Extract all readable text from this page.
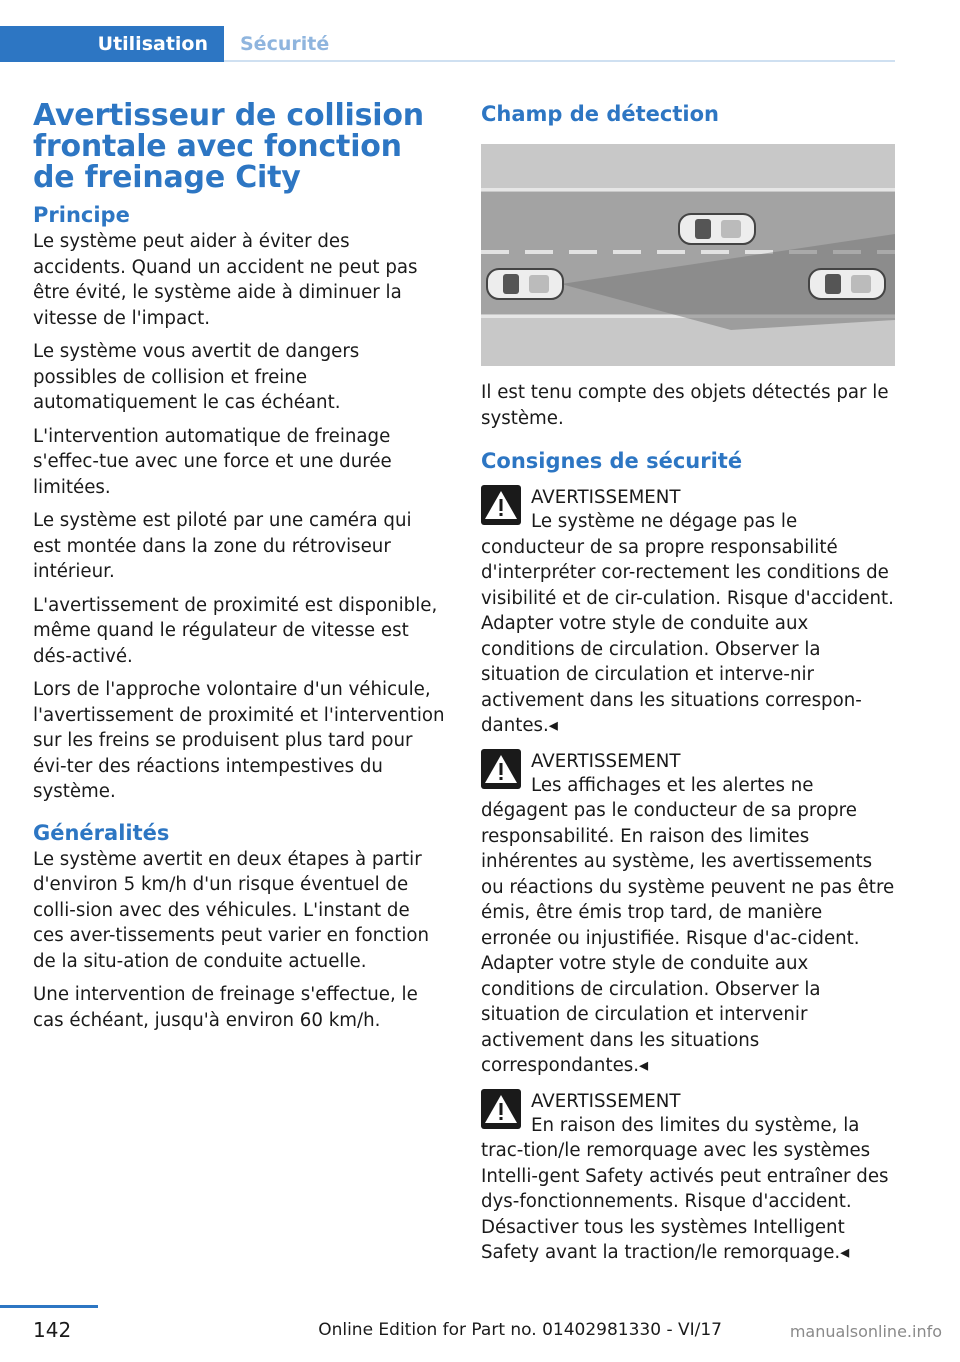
Utilisation	Sécurité
Avertisseur de collision frontale avec fonction de freinage City
Principe

Le système peut aider à éviter des accidents. Quand un accident ne peut pas être évité, le système aide à diminuer la vitesse de l'impact.

Le système vous avertit de dangers possibles de collision et freine automatiquement le cas échéant.

L'intervention automatique de freinage s'effec-tue avec une force et une durée limitées.

Le système est piloté par une caméra qui est montée dans la zone du rétroviseur intérieur.

L'avertissement de proximité est disponible, même quand le régulateur de vitesse est dés-activé.

Lors de l'approche volontaire d'un véhicule, l'avertissement de proximité et l'intervention sur les freins se produisent plus tard pour évi-ter des réactions intempestives du système.

Généralités

Le système avertit en deux étapes à partir d'environ 5 km/h d'un risque éventuel de colli-sion avec des véhicules. L'instant de ces aver-tissements peut varier en fonction de la situ-ation de conduite actuelle.

Une intervention de freinage s'effectue, le cas échéant, jusqu'à environ 60 km/h.

Champ de détection

Il est tenu compte des objets détectés par le système.

Consignes de sécurité
AVERTISSEMENT

Le système ne dégage pas le conducteur de sa propre responsabilité d'interpréter cor-rectement les conditions de visibilité et de cir-culation. Risque d'accident. Adapter votre style de conduite aux conditions de circulation. Observer la situation de circulation et interve-nir activement dans les situations correspon-dantes.◂

AVERTISSEMENT

Les affichages et les alertes ne dégagent pas le conducteur de sa propre responsabilité. En raison des limites inhérentes au système, les avertissements ou réactions du système peuvent ne pas être émis, être émis trop tard, de manière erronée ou injustifiée. Risque d'ac-cident. Adapter votre style de conduite aux conditions de circulation. Observer la situation de circulation et intervenir activement dans les situations correspondantes.◂

AVERTISSEMENT

En raison des limites du système, la trac-tion/le remorquage avec les systèmes Intelli-gent Safety activés peut entraîner des dys-fonctionnements. Risque d'accident. Désactiver tous les systèmes Intelligent Safety avant la traction/le remorquage.◂

142	Online Edition for Part no. 01402981330 - VI/17	manualsonline.info
